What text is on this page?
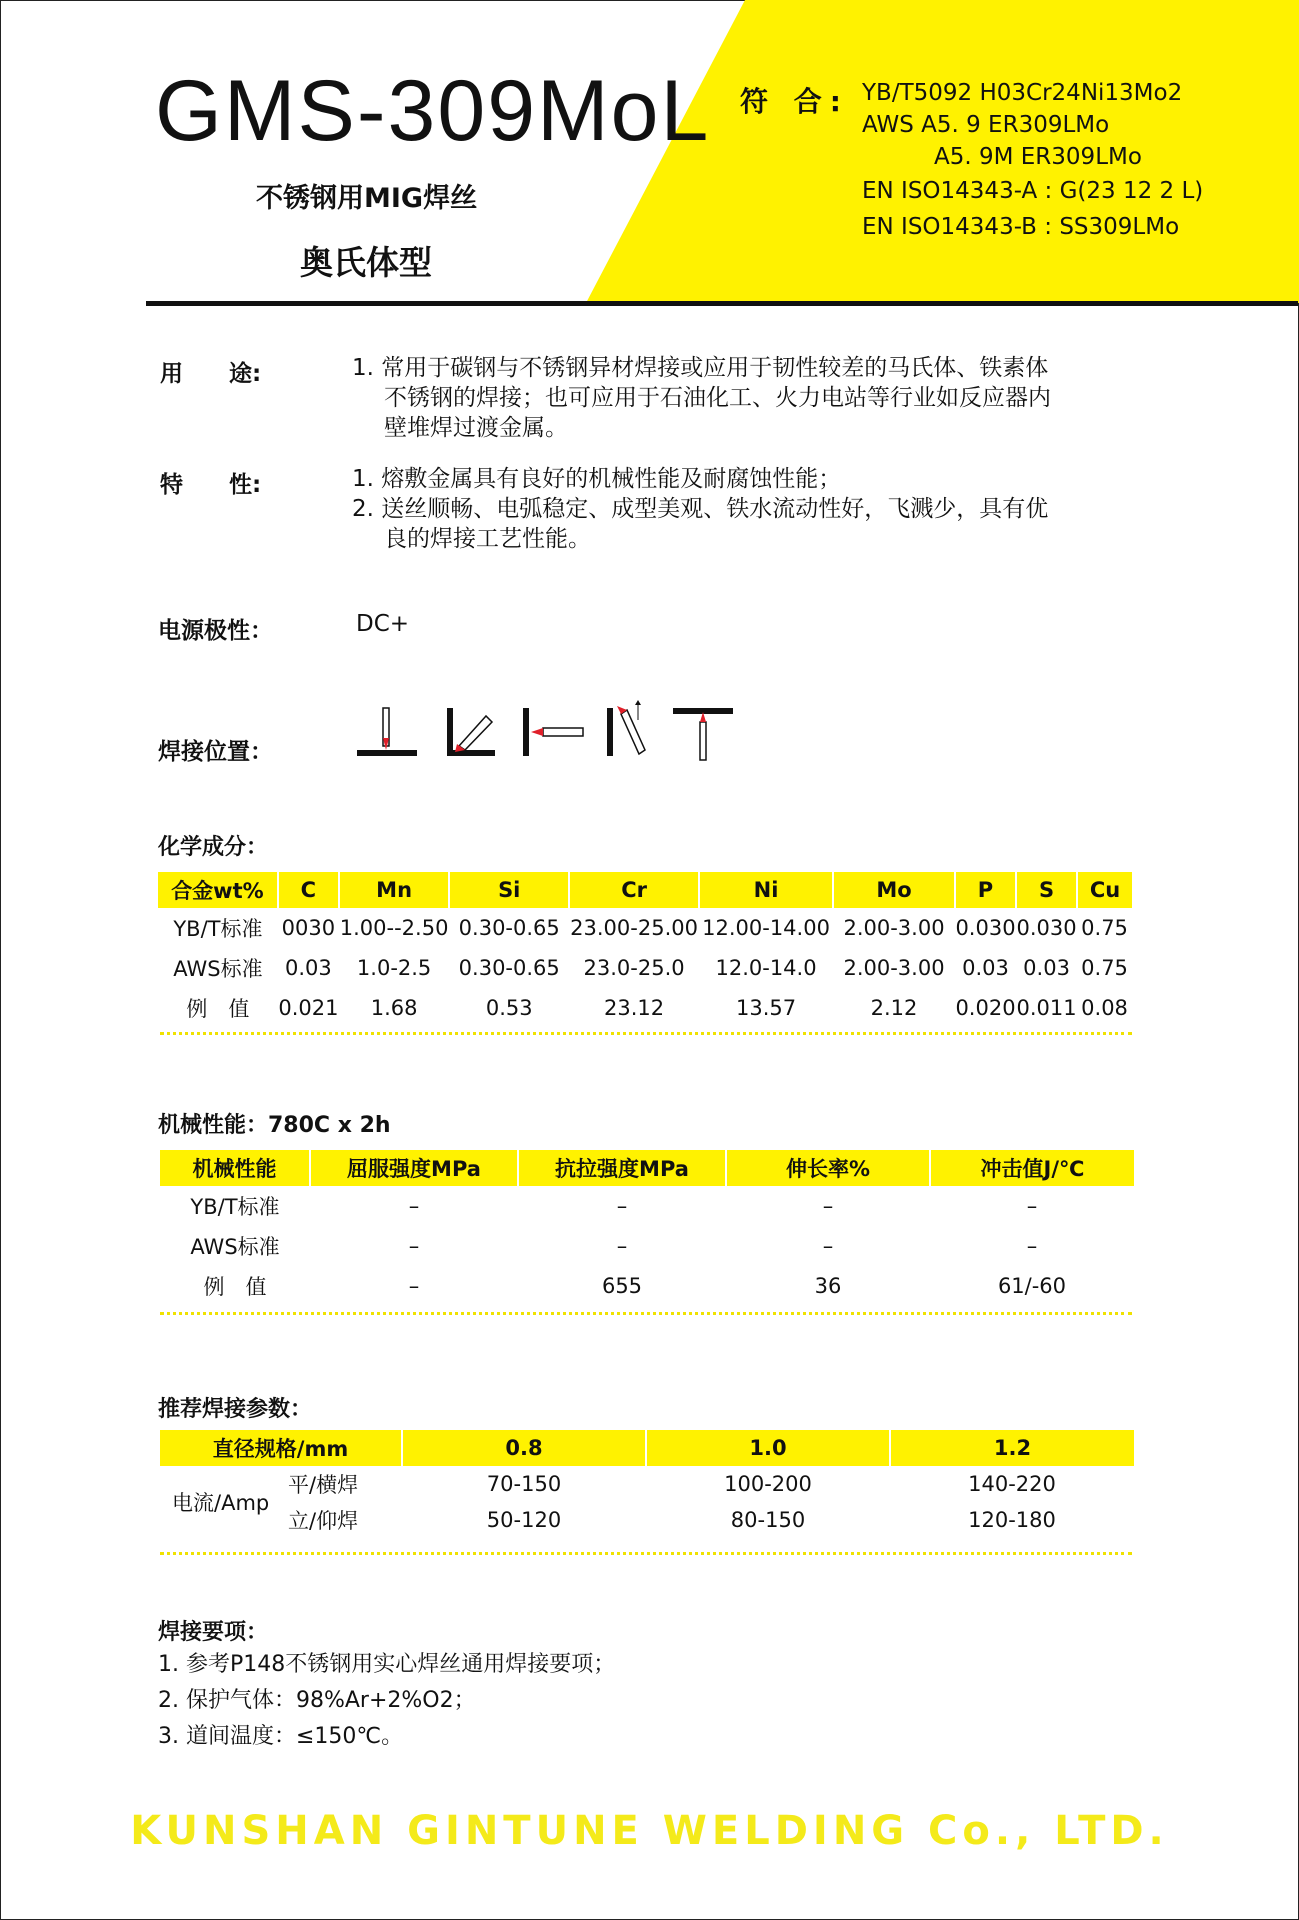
GMS-309MoL
不锈钢用MIG焊丝
奥氏体型
符 合: YB/T5092 H03Cr24Ni13Mo2
AWS A5. 9 ER309LMo
A5. 9M ER309LMo
EN ISO14343-A : G(23 12 2 L)
EN ISO14343-B : SS309LMo
用　　途:	1. 常用于碳钢与不锈钢异材焊接或应用于韧性较差的马氏体、铁素体
不锈钢的焊接；也可应用于石油化工、火力电站等行业如反应器内
壁堆焊过渡金属。
特　　性:	1. 熔敷金属具有良好的机械性能及耐腐蚀性能；
2. 送丝顺畅、电弧稳定、成型美观、铁水流动性好，飞溅少，具有优
良的焊接工艺性能。
电源极性：	DC+
焊接位置：
化学成分：
合金wt%	C	Mn	Si	Cr	Ni	Mo	P	S	Cu
YB/T标准	0030	1.00--2.50	0.30-0.65	23.00-25.00	12.00-14.00	2.00-3.00	0.030	0.030	0.75
AWS标准	0.03	1.0-2.5	0.30-0.65	23.0-25.0	12.0-14.0	2.00-3.00	0.03	0.03	0.75
例　值	0.021	1.68	0.53	23.12	13.57	2.12	0.020	0.011	0.08
机械性能：780C x 2h
机械性能	屈服强度MPa	抗拉强度MPa	伸长率%	冲击值J/℃
YB/T标准	–	–	–	–
AWS标准	–	–	–	–
例　值	–	655	36	61/-60
推荐焊接参数：
直径规格/mm		0.8	1.0	1.2
电流/Amp	平/横焊	70-150	100-200	140-220
	立/仰焊	50-120	80-150	120-180
焊接要项：
1. 参考P148不锈钢用实心焊丝通用焊接要项；
2. 保护气体：98%Ar+2%O2；
3. 道间温度：≤150℃。
KUNSHAN GINTUNE WELDING Co., LTD.
